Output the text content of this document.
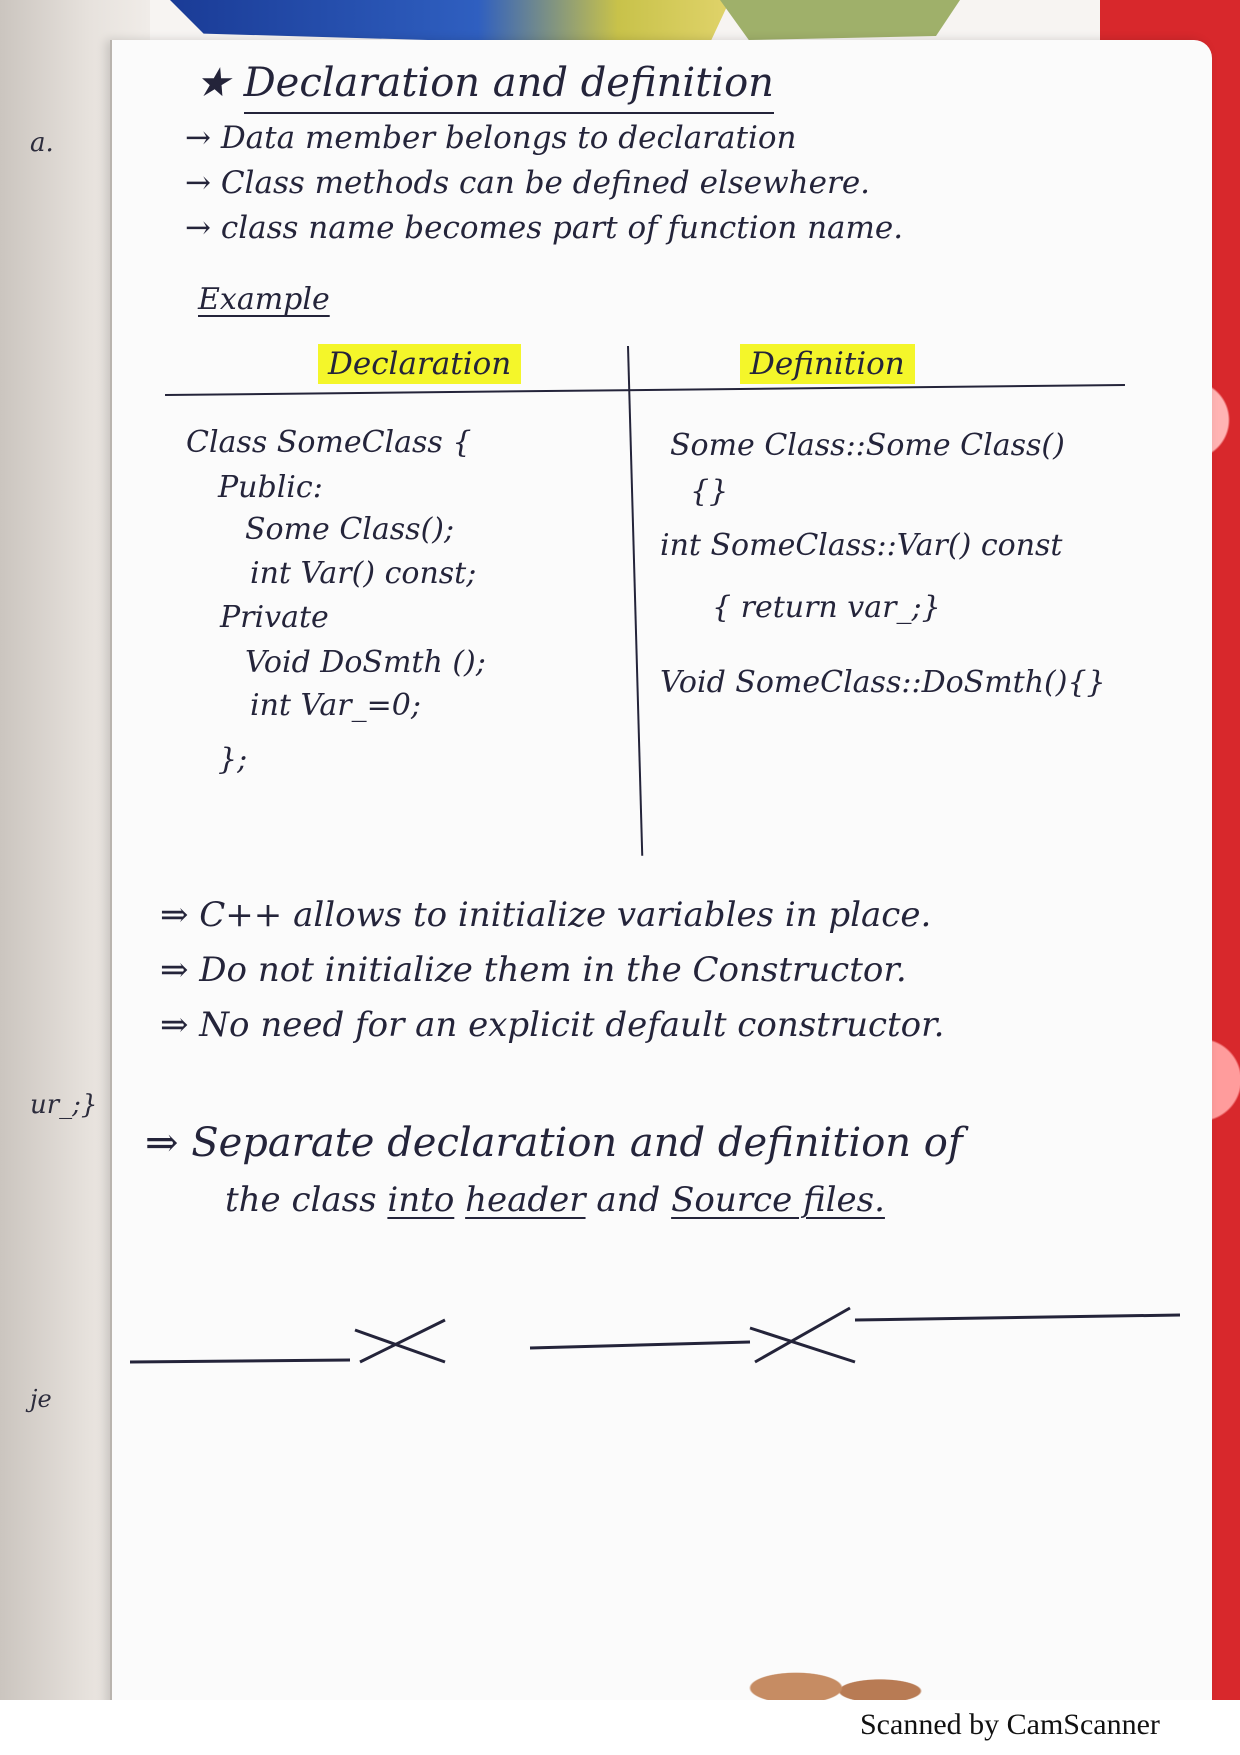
a.
ur_;}
je
★ Declaration and definition
→ Data member belongs to declaration
→ Class methods can be defined elsewhere.
→ class name becomes part of function name.
Example
Declaration	Definition
Class SomeClass {
Public:
Some Class();
int Var() const;
Private
Void DoSmth ();
int Var_=0;
};
Some Class::Some Class()
{}
int SomeClass::Var() const
{ return var_;}
Void SomeClass::DoSmth(){}
⇒ C++ allows to initialize variables in place.
⇒ Do not initialize them in the Constructor.
⇒ No need for an explicit default constructor.
⇒ Separate declaration and definition of
the class into header and Source files.
Scanned by CamScanner
